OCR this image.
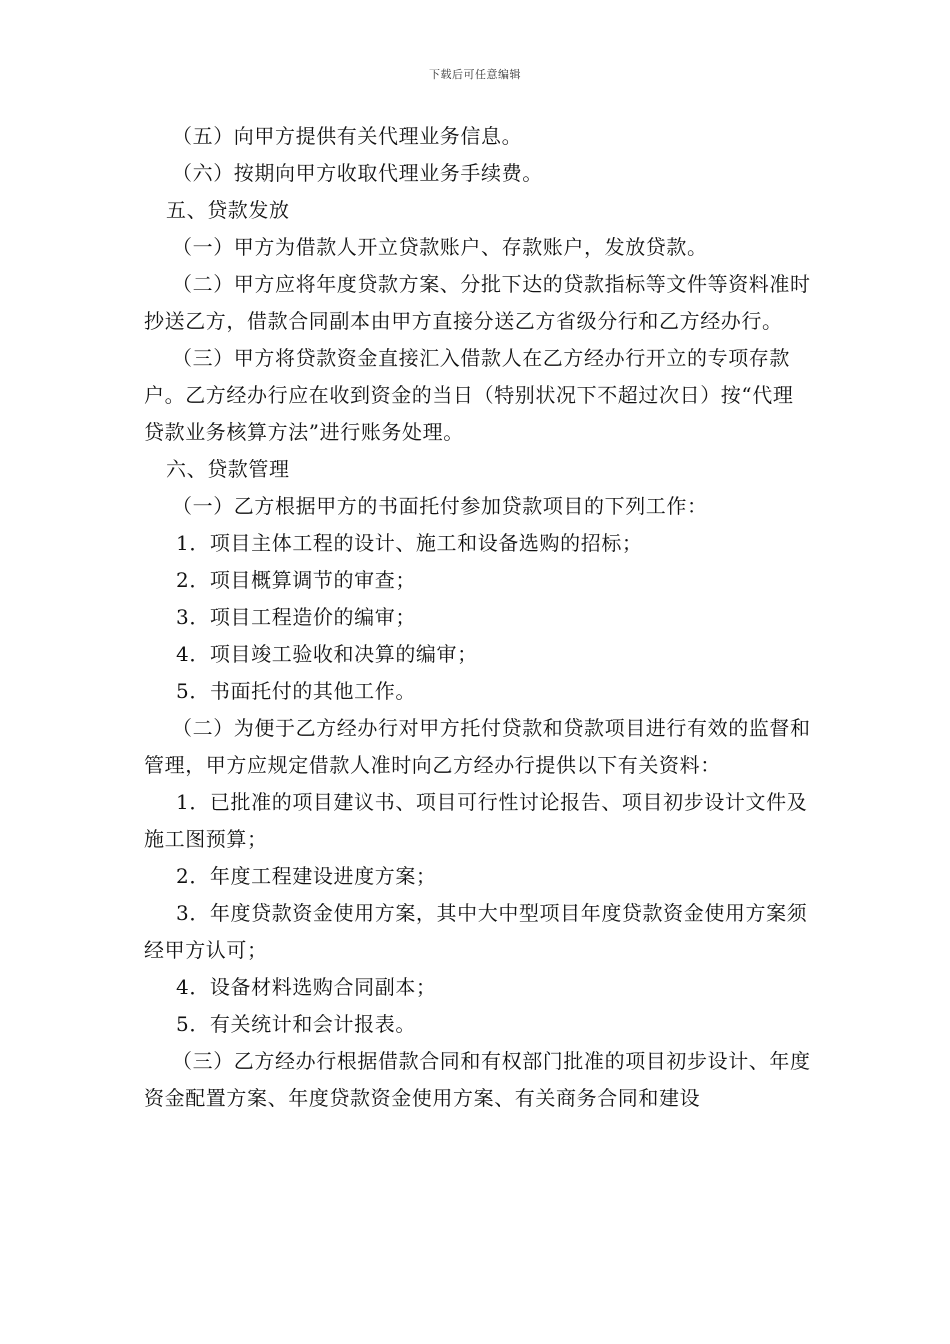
下载后可任意编辑

（五）向甲方提供有关代理业务信息。

（六）按期向甲方收取代理业务手续费。

五、贷款发放

（一）甲方为借款人开立贷款账户、存款账户，发放贷款。

（二）甲方应将年度贷款方案、分批下达的贷款指标等文件等资料准时抄送乙方，借款合同副本由甲方直接分送乙方省级分行和乙方经办行。

（三）甲方将贷款资金直接汇入借款人在乙方经办行开立的专项存款户。乙方经办行应在收到资金的当日（特别状况下不超过次日）按“代理贷款业务核算方法”进行账务处理。

六、贷款管理

（一）乙方根据甲方的书面托付参加贷款项目的下列工作：

1．项目主体工程的设计、施工和设备选购的招标；

2．项目概算调节的审查；

3．项目工程造价的编审；

4．项目竣工验收和决算的编审；

5．书面托付的其他工作。

（二）为便于乙方经办行对甲方托付贷款和贷款项目进行有效的监督和管理，甲方应规定借款人准时向乙方经办行提供以下有关资料：

1．已批准的项目建议书、项目可行性讨论报告、项目初步设计文件及施工图预算；

2．年度工程建设进度方案；

3．年度贷款资金使用方案，其中大中型项目年度贷款资金使用方案须经甲方认可；

4．设备材料选购合同副本；

5．有关统计和会计报表。

（三）乙方经办行根据借款合同和有权部门批准的项目初步设计、年度资金配置方案、年度贷款资金使用方案、有关商务合同和建设
